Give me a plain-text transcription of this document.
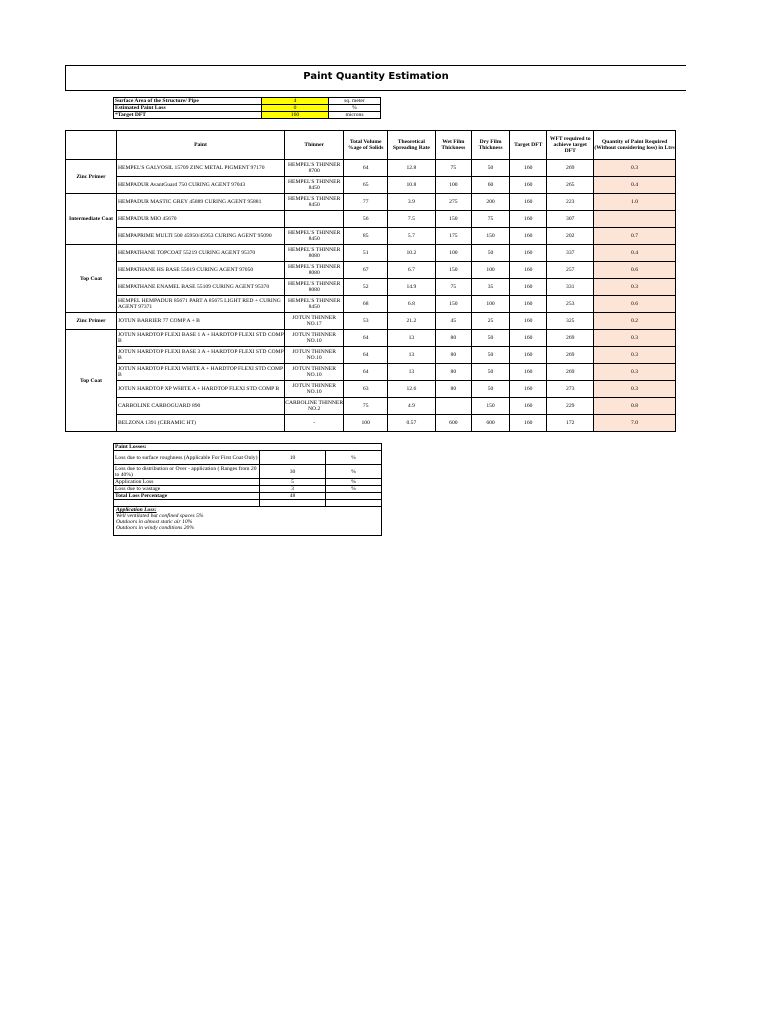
Paint Quantity Estimation
Surface Area of the Structure/ Pipe	4	sq. meter
Estimated Paint Loss	0	%
*Target DFT	160	microns
	Paint	Thinner	Total Volume %age of Solids	Theoretical Spreading Rate	Wet Film Thickness	Dry Film Thickness	Target DFT	WFT required to achieve target DFT	Quantity of Paint Required (Without considering loss) in Ltrs
Zinc Primer	HEMPEL'S GALVOSIL 15709 ZINC METAL PIGMENT 97170	HEMPEL'S THINNER 8700	64	12.8	75	50	160	269	0.3
	HEMPADUR AvantGuard 750 CURING AGENT 97043	HEMPEL'S THINNER 8450	65	10.8	100	60	160	265	0.4
Intermediate Coat	HEMPADUR MASTIC GREY 45889 CURING AGENT 95881	HEMPEL'S THINNER 8450	77	3.9	275	200	160	223	1.0
	HEMPADUR MIO 45670		56	7.5	150	75	160	307	
	HEMPAPRIME MULTI 500 45950/45953 CURING AGENT 95090	HEMPEL'S THINNER 8450	85	5.7	175	150	160	202	0.7
Top Coat	HEMPATHANE TOPCOAT 55219 CURING AGENT 95370	HEMPEL'S THINNER 8080	51	10.2	100	50	160	337	0.4
	HEMPATHANE HS BASE 55619 CURING AGENT 97050	HEMPEL'S THINNER 8080	67	6.7	150	100	160	257	0.6
	HEMPATHANE ENAMEL BASE 55109 CURING AGENT 95370	HEMPEL'S THINNER 8080	52	14.9	75	35	160	331	0.3
	HEMPEL HEMPADUR 85671 PART A 85675 LIGHT RED + CURING AGENT 97371	HEMPEL'S THINNER 8450	68	6.8	150	100	160	253	0.6
Zinc Primer	JOTUN BARRIER 77 COMP A + B	JOTUN THINNER NO.17	53	21.2	45	25	160	325	0.2
Top Coat	JOTUN HARDTOP FLEXI BASE 1 A + HARDTOP FLEXI STD COMP B	JOTUN THINNER NO.10	64	13	80	50	160	269	0.3
	JOTUN HARDTOP FLEXI BASE 3 A + HARDTOP FLEXI STD COMP B	JOTUN THINNER NO.10	64	13	80	50	160	269	0.3
	JOTUN HARDTOP FLEXI WHITE A + HARDTOP FLEXI STD COMP B	JOTUN THINNER NO.10	64	13	80	50	160	269	0.3
	JOTUN HARDTOP XP WHITE A + HARDTOP FLEXI STD COMP B	JOTUN THINNER NO.10	63	12.6	80	50	160	273	0.3
	CARBOLINE CARBOGUARD 890	CARBOLINE THINNER NO.2	75	4.9		150	160	229	0.8
	BELZONA 1391 (CERAMIC HT)	-	100	0.57	600	600	160	172	7.0
Paint Losses:		
Loss due to surface roughness (Applicable For First Coat Only)	10	%
Loss due to distribution or Over - application ( Ranges from 20 to 40%)	30	%
Application Loss	5	%
Loss due to wastage	3	%
Total Loss Percentage	48	

Application Loss:
Well ventilated but confined spaces 5%
Outdoors in almost static air 10%
Outdoors in windy conditions 20%		
